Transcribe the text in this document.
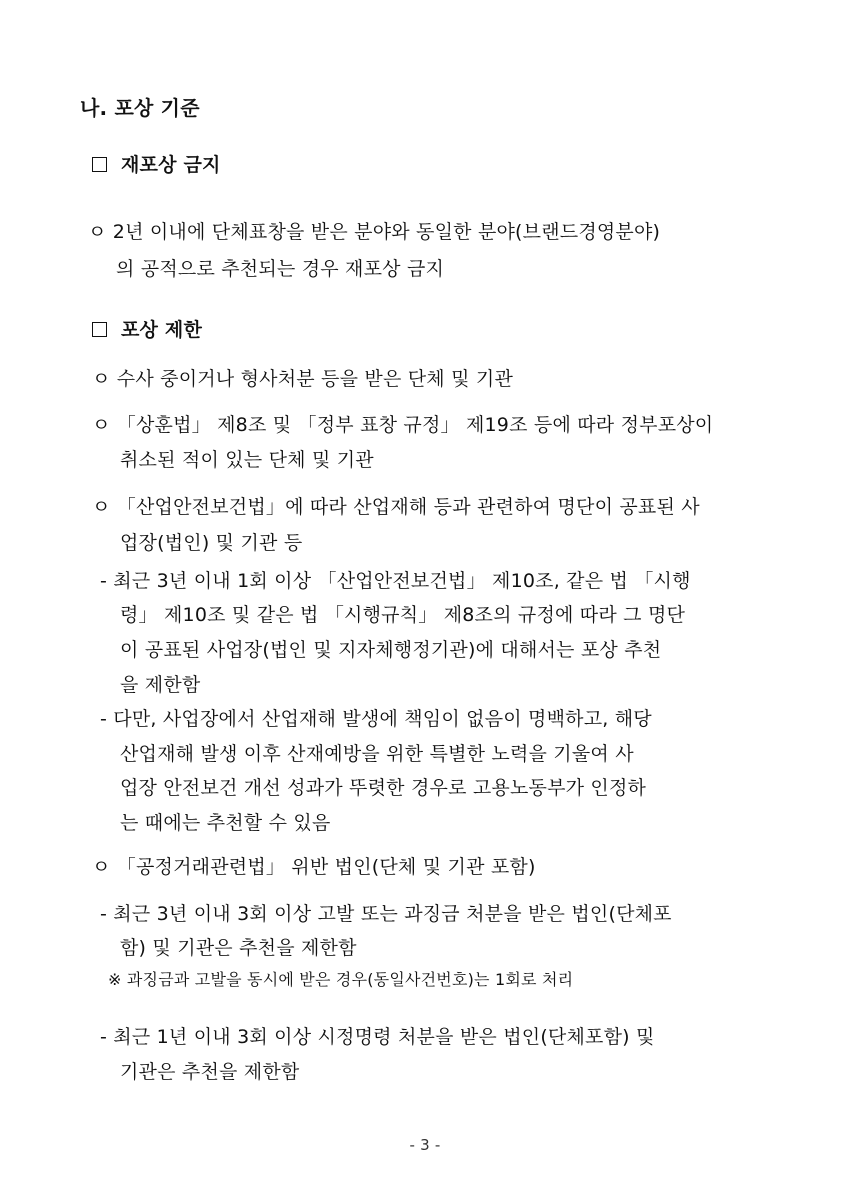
나. 포상 기준
재포상 금지
ㅇ 2년 이내에 단체표창을 받은 분야와 동일한 분야(브랜드경영분야)
의 공적으로 추천되는 경우 재포상 금지
포상 제한
ㅇ 수사 중이거나 형사처분 등을 받은 단체 및 기관
ㅇ 「상훈법」 제8조 및 「정부 표창 규정」 제19조 등에 따라 정부포상이
취소된 적이 있는 단체 및 기관
ㅇ 「산업안전보건법」에 따라 산업재해 등과 관련하여 명단이 공표된 사
업장(법인) 및 기관 등
- 최근 3년 이내 1회 이상 「산업안전보건법」 제10조, 같은 법 「시행
령」 제10조 및 같은 법 「시행규칙」 제8조의 규정에 따라 그 명단
이 공표된 사업장(법인 및 지자체행정기관)에 대해서는 포상 추천
을 제한함
- 다만, 사업장에서 산업재해 발생에 책임이 없음이 명백하고, 해당
산업재해 발생 이후 산재예방을 위한 특별한 노력을 기울여 사
업장 안전보건 개선 성과가 뚜렷한 경우로 고용노동부가 인정하
는 때에는 추천할 수 있음
ㅇ 「공정거래관련법」 위반 법인(단체 및 기관 포함)
- 최근 3년 이내 3회 이상 고발 또는 과징금 처분을 받은 법인(단체포
함) 및 기관은 추천을 제한함
※ 과징금과 고발을 동시에 받은 경우(동일사건번호)는 1회로 처리
- 최근 1년 이내 3회 이상 시정명령 처분을 받은 법인(단체포함) 및
기관은 추천을 제한함
- 3 -
